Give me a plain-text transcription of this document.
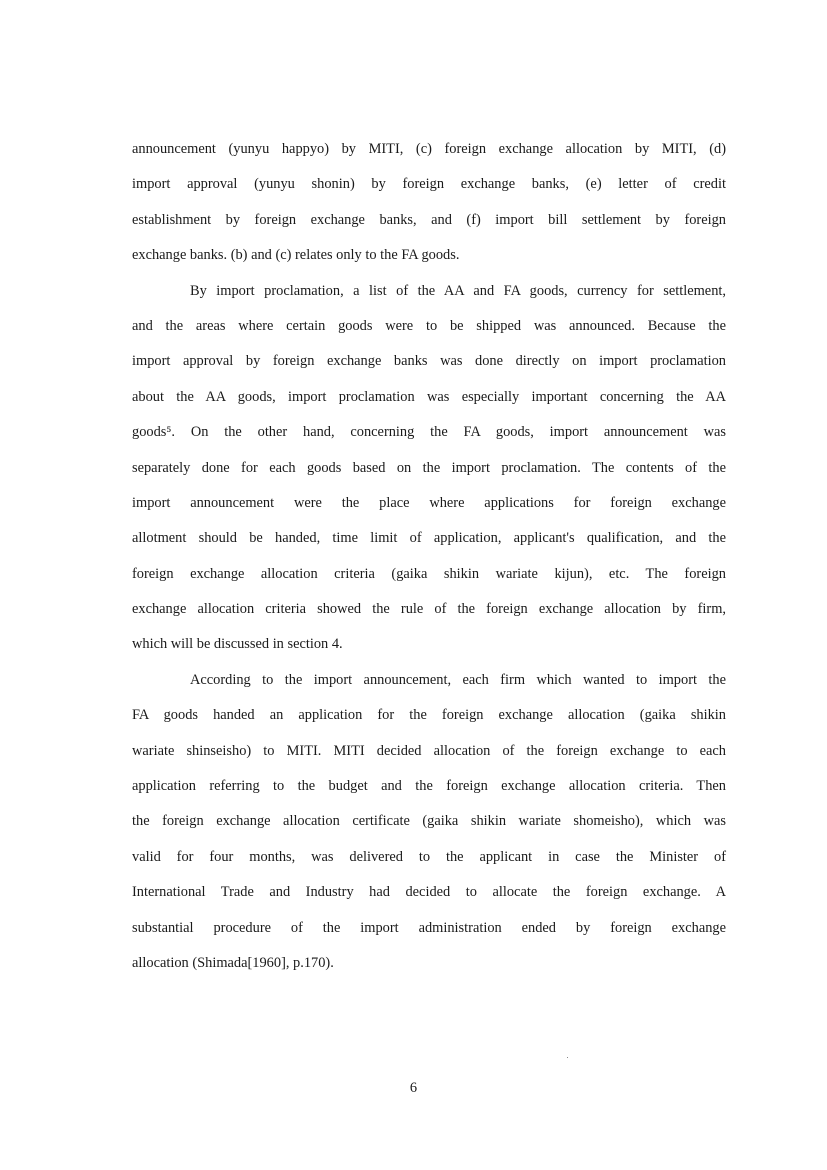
announcement (yunyu happyo) by MITI, (c) foreign exchange allocation by MITI, (d)
import approval (yunyu shonin) by foreign exchange banks, (e) letter of credit
establishment by foreign exchange banks, and (f) import bill settlement by foreign
exchange banks. (b) and (c) relates only to the FA goods.
By import proclamation, a list of the AA and FA goods, currency for settlement,
and the areas where certain goods were to be shipped was announced. Because the
import approval by foreign exchange banks was done directly on import proclamation
about the AA goods, import proclamation was especially important concerning the AA
goods⁵. On the other hand, concerning the FA goods, import announcement was
separately done for each goods based on the import proclamation. The contents of the
import announcement were the place where applications for foreign exchange
allotment should be handed, time limit of application, applicant's qualification, and the
foreign exchange allocation criteria (gaika shikin wariate kijun), etc. The foreign
exchange allocation criteria showed the rule of the foreign exchange allocation by firm,
which will be discussed in section 4.
According to the import announcement, each firm which wanted to import the
FA goods handed an application for the foreign exchange allocation (gaika shikin
wariate shinseisho) to MITI. MITI decided allocation of the foreign exchange to each
application referring to the budget and the foreign exchange allocation criteria. Then
the foreign exchange allocation certificate (gaika shikin wariate shomeisho), which was
valid for four months, was delivered to the applicant in case the Minister of
International Trade and Industry had decided to allocate the foreign exchange. A
substantial procedure of the import administration ended by foreign exchange
allocation (Shimada[1960], p.170).
6
